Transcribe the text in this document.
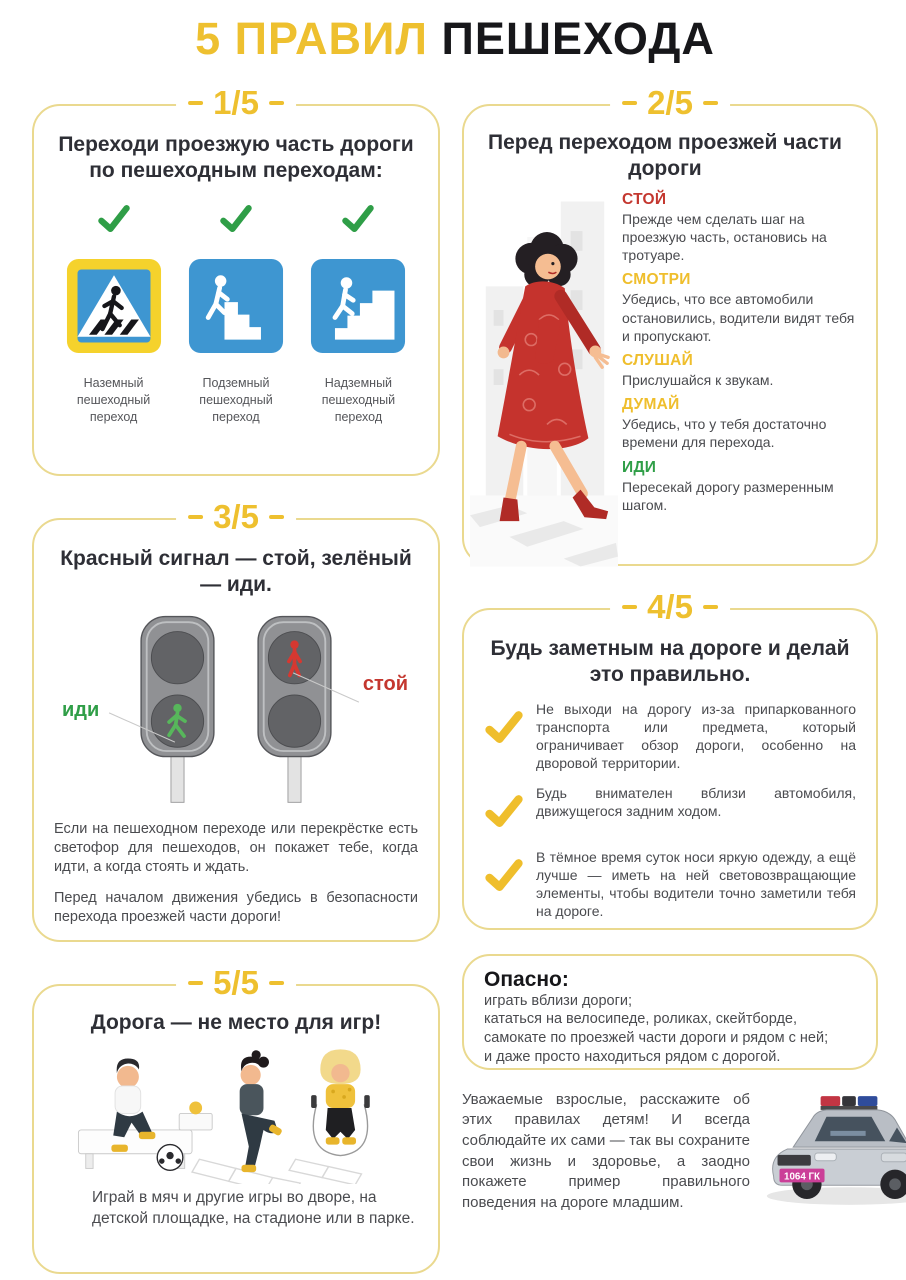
5 ПРАВИЛ ПЕШЕХОДА
1/5
Переходи проезжую часть дороги по пешеходным переходам:
Наземный пешеходный переход
Подземный пешеходный переход
Надземный пешеходный переход
3/5
Красный сигнал — стой, зелёный — иди.
иди
стой

Если на пешеходном переходе или перекрёстке есть светофор для пешеходов, он покажет тебе, когда идти, а когда стоять и ждать.

Перед началом движения убедись в безопасности перехода проезжей части дороги!

5/5
Дорога — не место для игр!

Играй в мяч и другие игры во дворе, на детской площадке, на стадионе или в парке.

2/5
Перед переходом проезжей части дороги
СТОЙ
Прежде чем сделать шаг на проезжую часть, остановись на тротуаре.
СМОТРИ
Убедись, что все автомобили остановились, водители видят тебя и пропускают.
СЛУШАЙ
Прислушайся к звукам.
ДУМАЙ
Убедись, что у тебя достаточно времени для перехода.
ИДИ
Пересекай дорогу размеренным шагом.
4/5
Будь заметным на дороге и делай это правильно.

Не выходи на дорогу из-за припаркованного транспорта или предмета, который ограничивает обзор дороги, особенно на дворовой территории.

Будь внимателен вблизи автомобиля, движущегося задним ходом.

В тёмное время суток носи яркую одежду, а ещё лучше — иметь на ней световозвращающие элементы, чтобы водители точно заметили тебя на дороге.

Опасно:
играть вблизи дороги;
кататься на велосипеде, роликах, скейтборде, самокате по проезжей части дороги и рядом с ней;
и даже просто находиться рядом с дорогой.

Уважаемые взрослые, расскажите об этих правилах детям! И всегда соблюдайте их сами — так вы сохраните свои жизнь и здоровье, а заодно покажете пример правильного поведения на дороге младшим.

1064 ГК
